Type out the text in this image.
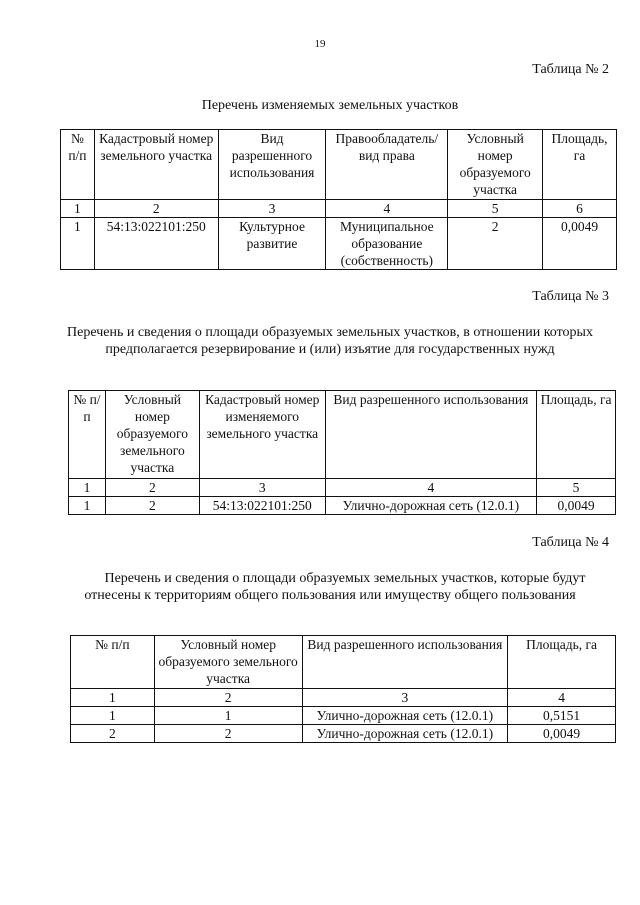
19
Таблица № 2
Перечень изменяемых земельных участков
№ п/п	Кадастровый номер земельного участка	Вид разрешенного использования	Правообладатель/ вид права	Условный номер образуемого участка	Площадь, га
1	2	3	4	5	6
1	54:13:022101:250	Культурное развитие	Муниципальное образование (собственность)	2	0,0049
Таблица № 3
Перечень и сведения о площади образуемых земельных участков, в отношении которых предполагается резервирование и (или) изъятие для государственных нужд
№ п/п	Условный номер образуемого земельного участка	Кадастровый номер изменяемого земельного участка	Вид разрешенного использования	Площадь, га
1	2	3	4	5
1	2	54:13:022101:250	Улично-дорожная сеть (12.0.1)	0,0049
Таблица № 4
Перечень и сведения о площади образуемых земельных участков, которые будут отнесены к территориям общего пользования или имуществу общего пользования
№ п/п	Условный номер образуемого земельного участка	Вид разрешенного использования	Площадь, га
1	2	3	4
1	1	Улично-дорожная сеть (12.0.1)	0,5151
2	2	Улично-дорожная сеть (12.0.1)	0,0049
